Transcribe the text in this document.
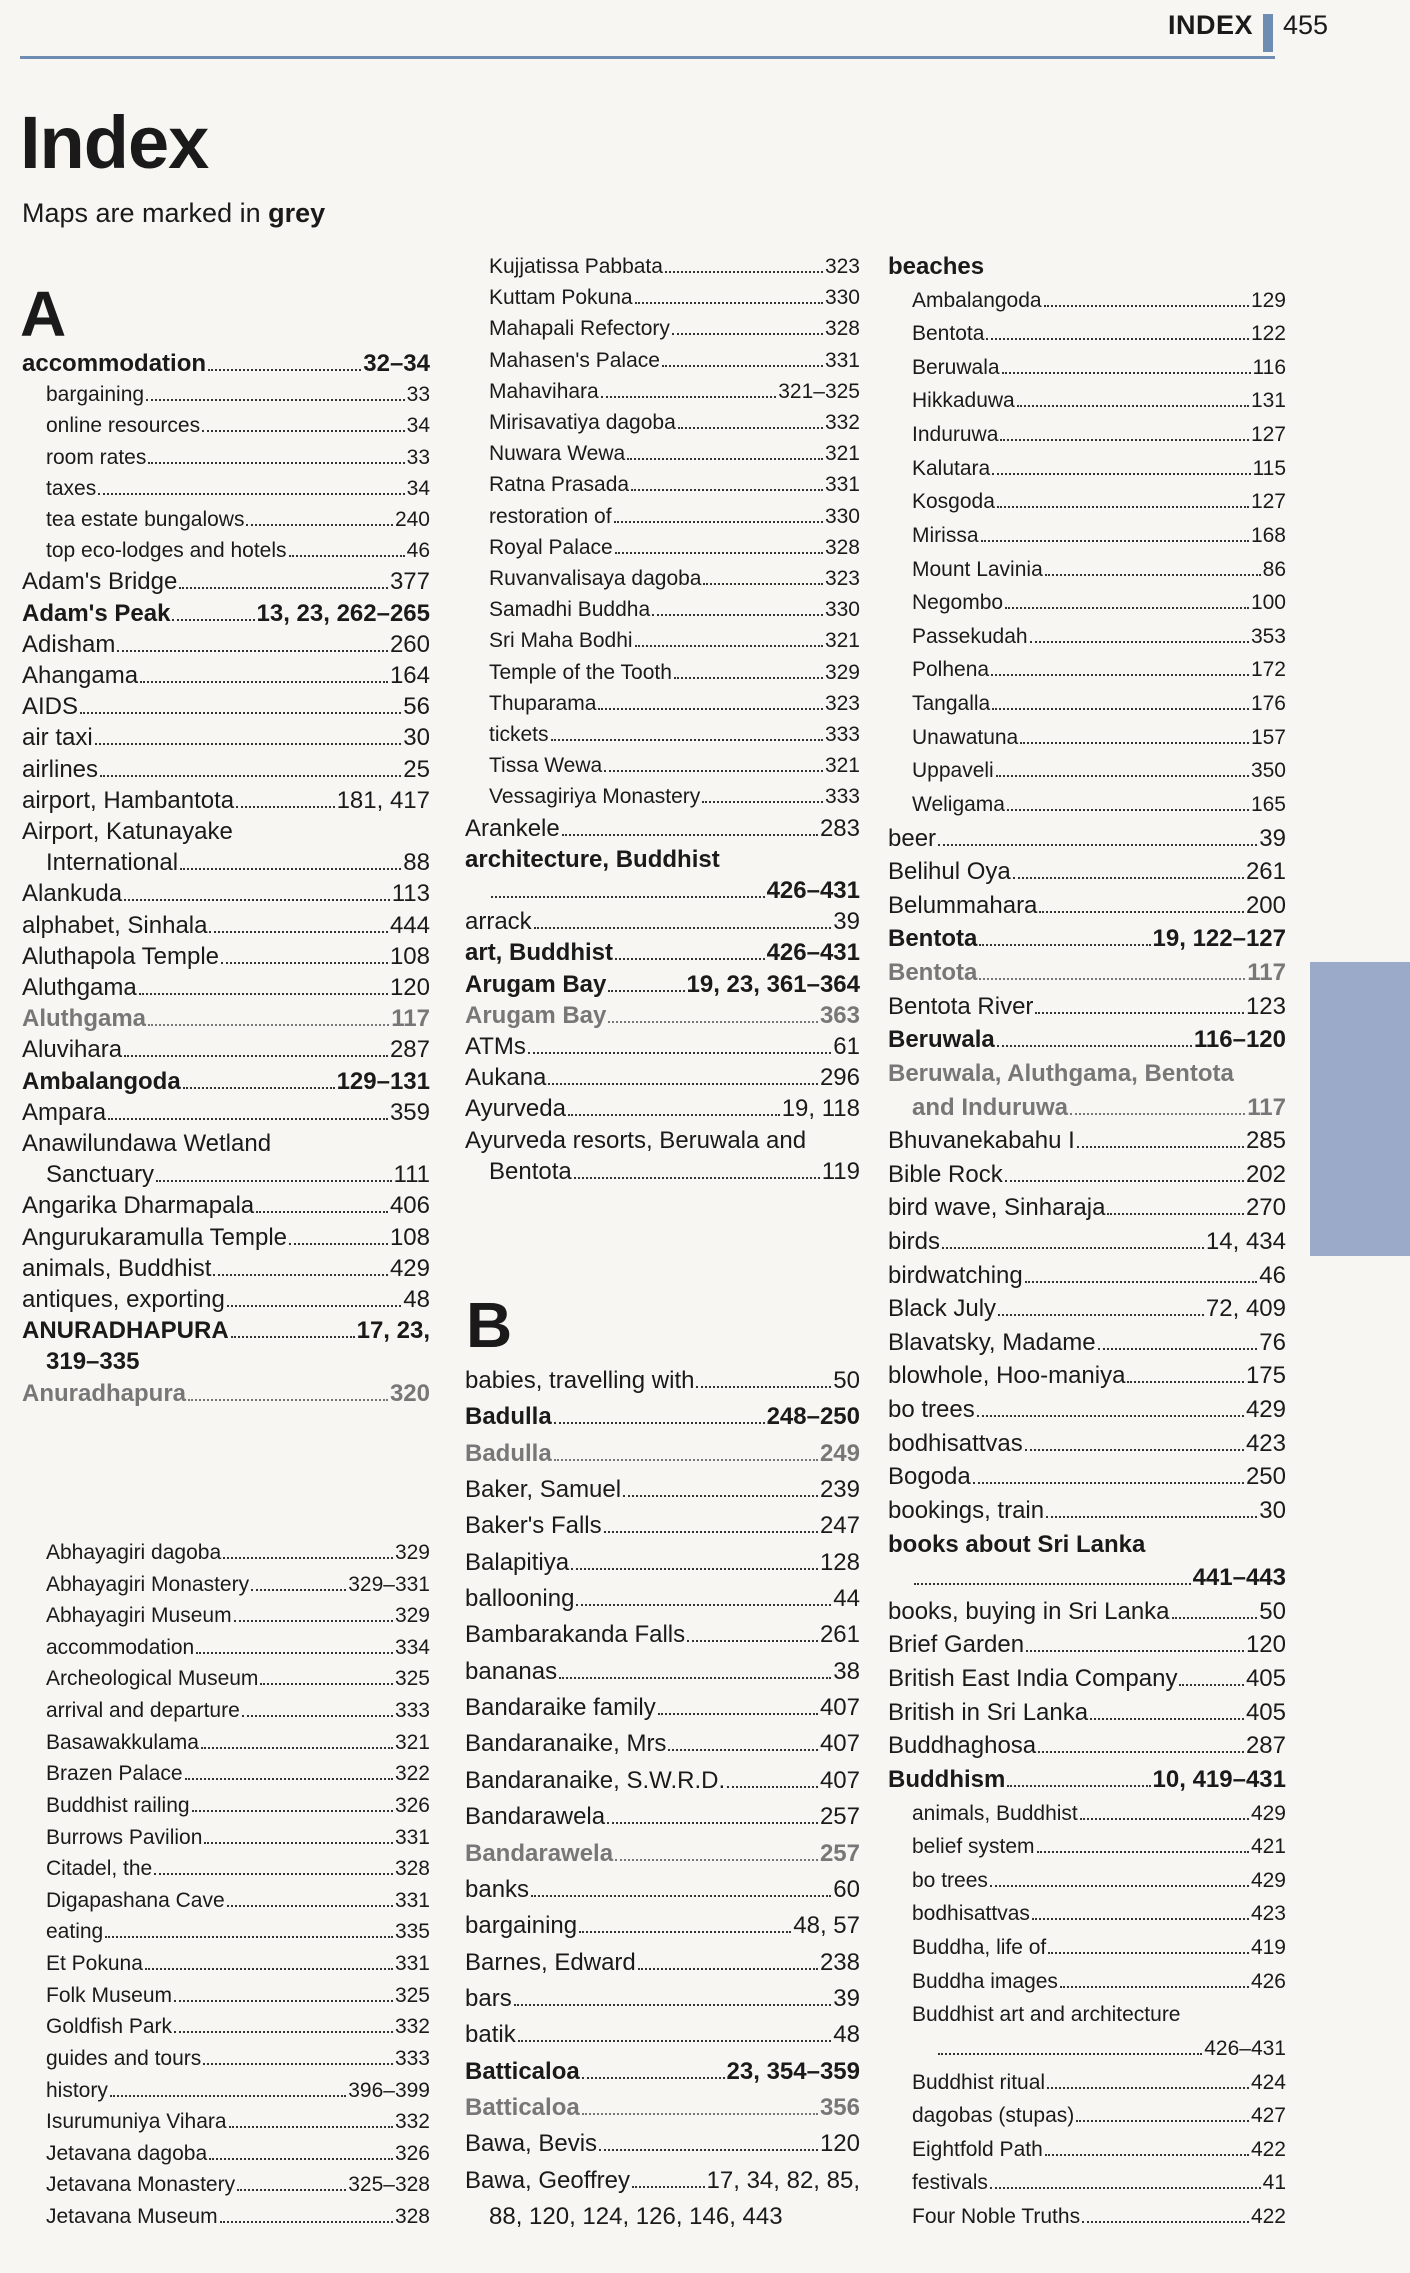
INDEX 455
Index
Maps are marked in grey
A
B
accommodation	32–34
bargaining	33
online resources	34
room rates	33
taxes	34
tea estate bungalows	240
top eco-lodges and hotels	46
Adam's Bridge	377
Adam's Peak	13, 23, 262–265
Adisham	260
Ahangama	164
AIDS	56
air taxi	30
airlines	25
airport, Hambantota	181, 417
Airport, Katunayake
International	88
Alankuda	113
alphabet, Sinhala	444
Aluthapola Temple	108
Aluthgama	120
Aluthgama	117
Aluvihara	287
Ambalangoda	129–131
Ampara	359
Anawilundawa Wetland
Sanctuary	111
Angarika Dharmapala	406
Angurukaramulla Temple	108
animals, Buddhist	429
antiques, exporting	48
ANURADHAPURA	17, 23,
319–335
Anuradhapura	320
Abhayagiri dagoba	329
Abhayagiri Monastery	329–331
Abhayagiri Museum	329
accommodation	334
Archeological Museum	325
arrival and departure	333
Basawakkulama	321
Brazen Palace	322
Buddhist railing	326
Burrows Pavilion	331
Citadel, the	328
Digapashana Cave	331
eating	335
Et Pokuna	331
Folk Museum	325
Goldfish Park	332
guides and tours	333
history	396–399
Isurumuniya Vihara	332
Jetavana dagoba	326
Jetavana Monastery	325–328
Jetavana Museum	328
Kujjatissa Pabbata	323
Kuttam Pokuna	330
Mahapali Refectory	328
Mahasen's Palace	331
Mahavihara	321–325
Mirisavatiya dagoba	332
Nuwara Wewa	321
Ratna Prasada	331
restoration of	330
Royal Palace	328
Ruvanvalisaya dagoba	323
Samadhi Buddha	330
Sri Maha Bodhi	321
Temple of the Tooth	329
Thuparama	323
tickets	333
Tissa Wewa	321
Vessagiriya Monastery	333
Arankele	283
architecture, Buddhist
426–431
arrack	39
art, Buddhist	426–431
Arugam Bay	19, 23, 361–364
Arugam Bay	363
ATMs	61
Aukana	296
Ayurveda	19, 118
Ayurveda resorts, Beruwala and
Bentota	119
babies, travelling with	50
Badulla	248–250
Badulla	249
Baker, Samuel	239
Baker's Falls	247
Balapitiya	128
ballooning	44
Bambarakanda Falls	261
bananas	38
Bandaraike family	407
Bandaranaike, Mrs	407
Bandaranaike, S.W.R.D.	407
Bandarawela	257
Bandarawela	257
banks	60
bargaining	48, 57
Barnes, Edward	238
bars	39
batik	48
Batticaloa	23, 354–359
Batticaloa	356
Bawa, Bevis	120
Bawa, Geoffrey	17, 34, 82, 85,
88, 120, 124, 126, 146, 443
beaches
Ambalangoda	129
Bentota	122
Beruwala	116
Hikkaduwa	131
Induruwa	127
Kalutara	115
Kosgoda	127
Mirissa	168
Mount Lavinia	86
Negombo	100
Passekudah	353
Polhena	172
Tangalla	176
Unawatuna	157
Uppaveli	350
Weligama	165
beer	39
Belihul Oya	261
Belummahara	200
Bentota	19, 122–127
Bentota	117
Bentota River	123
Beruwala	116–120
Beruwala, Aluthgama, Bentota
and Induruwa	117
Bhuvanekabahu I	285
Bible Rock	202
bird wave, Sinharaja	270
birds	14, 434
birdwatching	46
Black July	72, 409
Blavatsky, Madame	76
blowhole, Hoo-maniya	175
bo trees	429
bodhisattvas	423
Bogoda	250
bookings, train	30
books about Sri Lanka
441–443
books, buying in Sri Lanka	50
Brief Garden	120
British East India Company	405
British in Sri Lanka	405
Buddhaghosa	287
Buddhism	10, 419–431
animals, Buddhist	429
belief system	421
bo trees	429
bodhisattvas	423
Buddha, life of	419
Buddha images	426
Buddhist art and architecture
426–431
Buddhist ritual	424
dagobas (stupas)	427
Eightfold Path	422
festivals	41
Four Noble Truths	422
